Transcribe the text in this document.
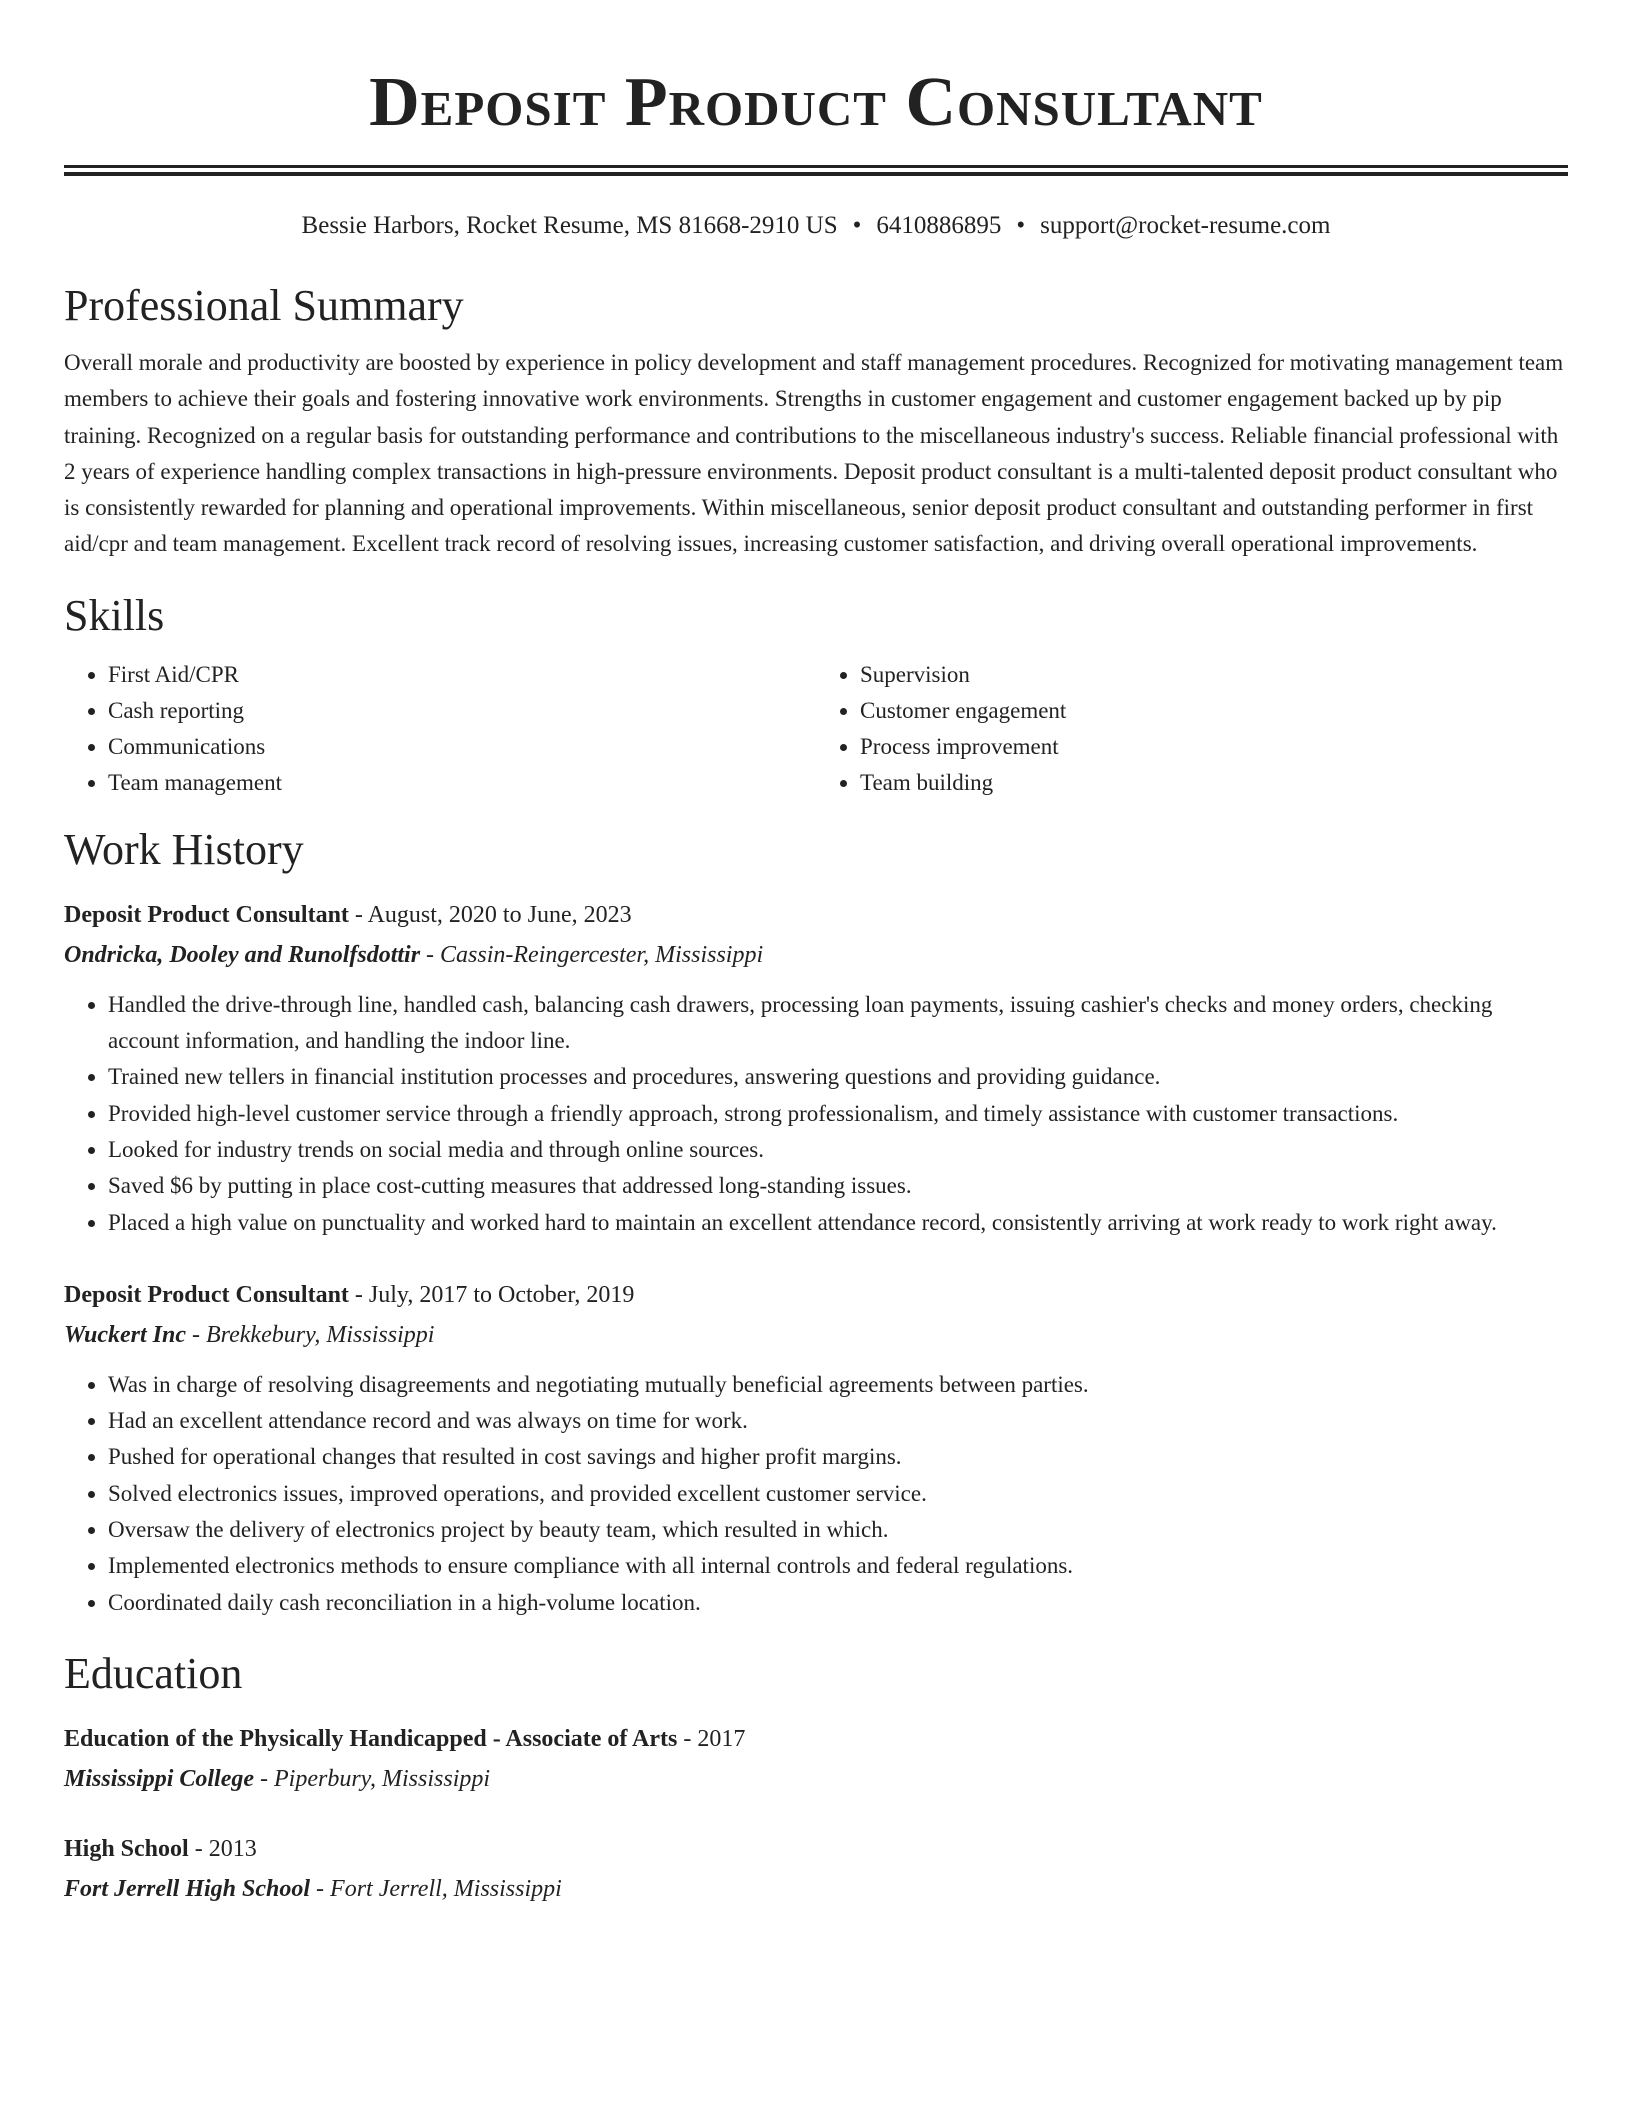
Deposit Product Consultant
Bessie Harbors, Rocket Resume, MS 81668-2910 US • 6410886895 • support@rocket-resume.com
Professional Summary

Overall morale and productivity are boosted by experience in policy development and staff management procedures. Recognized for motivating management team members to achieve their goals and fostering innovative work environments. Strengths in customer engagement and customer engagement backed up by pip training. Recognized on a regular basis for outstanding performance and contributions to the miscellaneous industry's success. Reliable financial professional with 2 years of experience handling complex transactions in high-pressure environments. Deposit product consultant is a multi-talented deposit product consultant who is consistently rewarded for planning and operational improvements. Within miscellaneous, senior deposit product consultant and outstanding performer in first aid/cpr and team management. Excellent track record of resolving issues, increasing customer satisfaction, and driving overall operational improvements.

Skills
• First Aid/CPR
• Cash reporting
• Communications
• Team management
• Supervision
• Customer engagement
• Process improvement
• Team building
Work History
Deposit Product Consultant - August, 2020 to June, 2023
Ondricka, Dooley and Runolfsdottir - Cassin-Reingercester, Mississippi
• Handled the drive-through line, handled cash, balancing cash drawers, processing loan payments, issuing cashier's checks and money orders, checking account information, and handling the indoor line.
• Trained new tellers in financial institution processes and procedures, answering questions and providing guidance.
• Provided high-level customer service through a friendly approach, strong professionalism, and timely assistance with customer transactions.
• Looked for industry trends on social media and through online sources.
• Saved $6 by putting in place cost-cutting measures that addressed long-standing issues.
• Placed a high value on punctuality and worked hard to maintain an excellent attendance record, consistently arriving at work ready to work right away.
Deposit Product Consultant - July, 2017 to October, 2019
Wuckert Inc - Brekkebury, Mississippi
• Was in charge of resolving disagreements and negotiating mutually beneficial agreements between parties.
• Had an excellent attendance record and was always on time for work.
• Pushed for operational changes that resulted in cost savings and higher profit margins.
• Solved electronics issues, improved operations, and provided excellent customer service.
• Oversaw the delivery of electronics project by beauty team, which resulted in which.
• Implemented electronics methods to ensure compliance with all internal controls and federal regulations.
• Coordinated daily cash reconciliation in a high-volume location.
Education
Education of the Physically Handicapped - Associate of Arts - 2017
Mississippi College - Piperbury, Mississippi
High School - 2013
Fort Jerrell High School - Fort Jerrell, Mississippi
